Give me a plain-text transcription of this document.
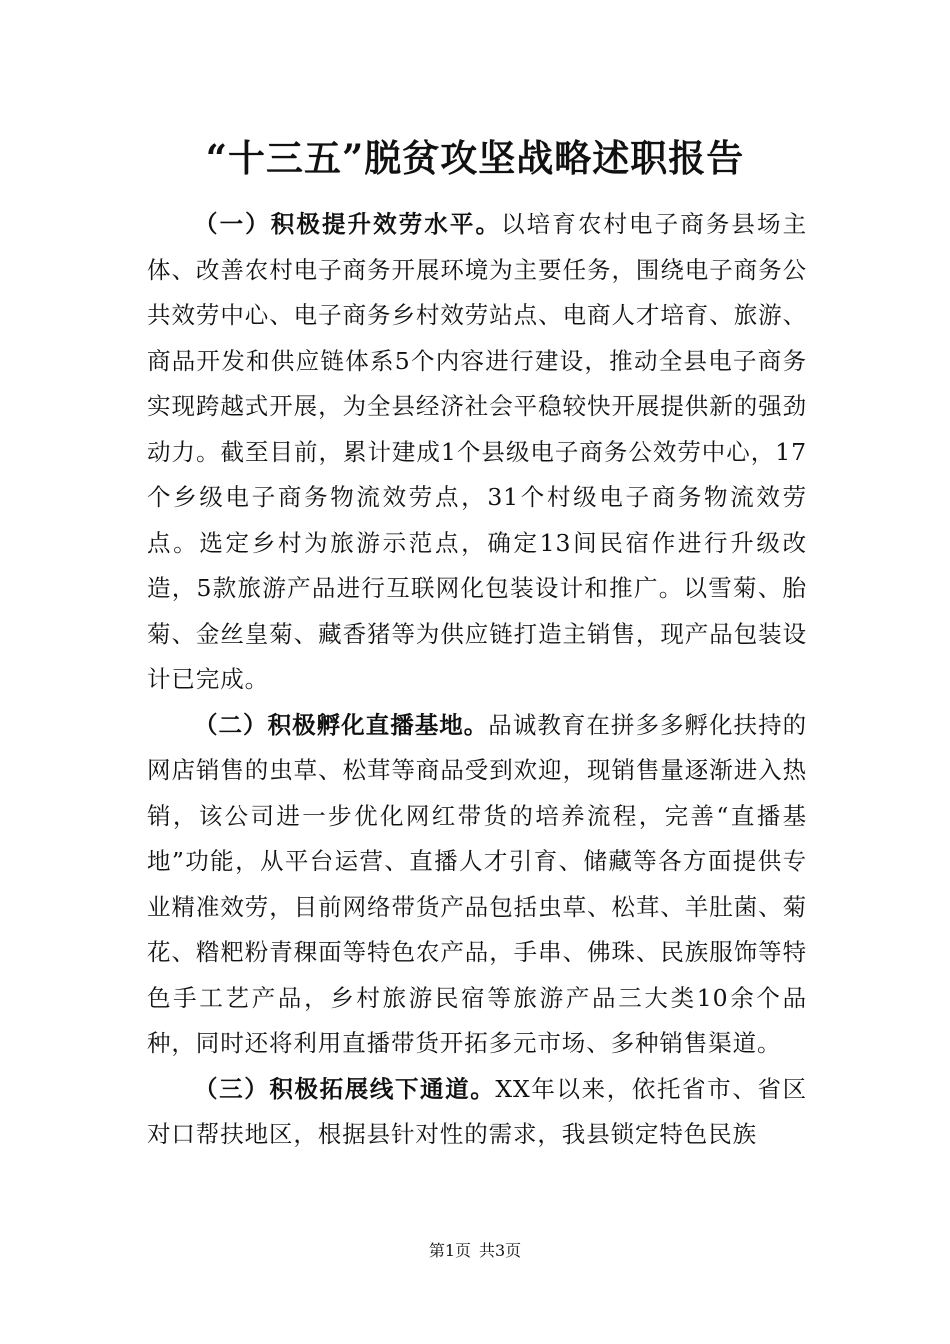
“十三五”脱贫攻坚战略述职报告

（一）积极提升效劳水平。以培育农村电子商务县场主体、改善农村电子商务开展环境为主要任务，围绕电子商务公共效劳中心、电子商务乡村效劳站点、电商人才培育、旅游、商品开发和供应链体系5个内容进行建设，推动全县电子商务实现跨越式开展，为全县经济社会平稳较快开展提供新的强劲动力。截至目前，累计建成1个县级电子商务公效劳中心，17个乡级电子商务物流效劳点，31个村级电子商务物流效劳点。选定乡村为旅游示范点，确定13间民宿作进行升级改造，5款旅游产品进行互联网化包装设计和推广。以雪菊、胎菊、金丝皇菊、藏香猪等为供应链打造主销售，现产品包装设计已完成。

（二）积极孵化直播基地。品诚教育在拼多多孵化扶持的网店销售的虫草、松茸等商品受到欢迎，现销售量逐渐进入热销，该公司进一步优化网红带货的培养流程，完善“直播基地”功能，从平台运营、直播人才引育、储藏等各方面提供专业精准效劳，目前网络带货产品包括虫草、松茸、羊肚菌、菊花、糌粑粉青稞面等特色农产品，手串、佛珠、民族服饰等特色手工艺产品，乡村旅游民宿等旅游产品三大类10余个品种，同时还将利用直播带货开拓多元市场、多种销售渠道。

（三）积极拓展线下通道。XX年以来，依托省市、省区对口帮扶地区，根据县针对性的需求，我县锁定特色民族

第1页 共3页
